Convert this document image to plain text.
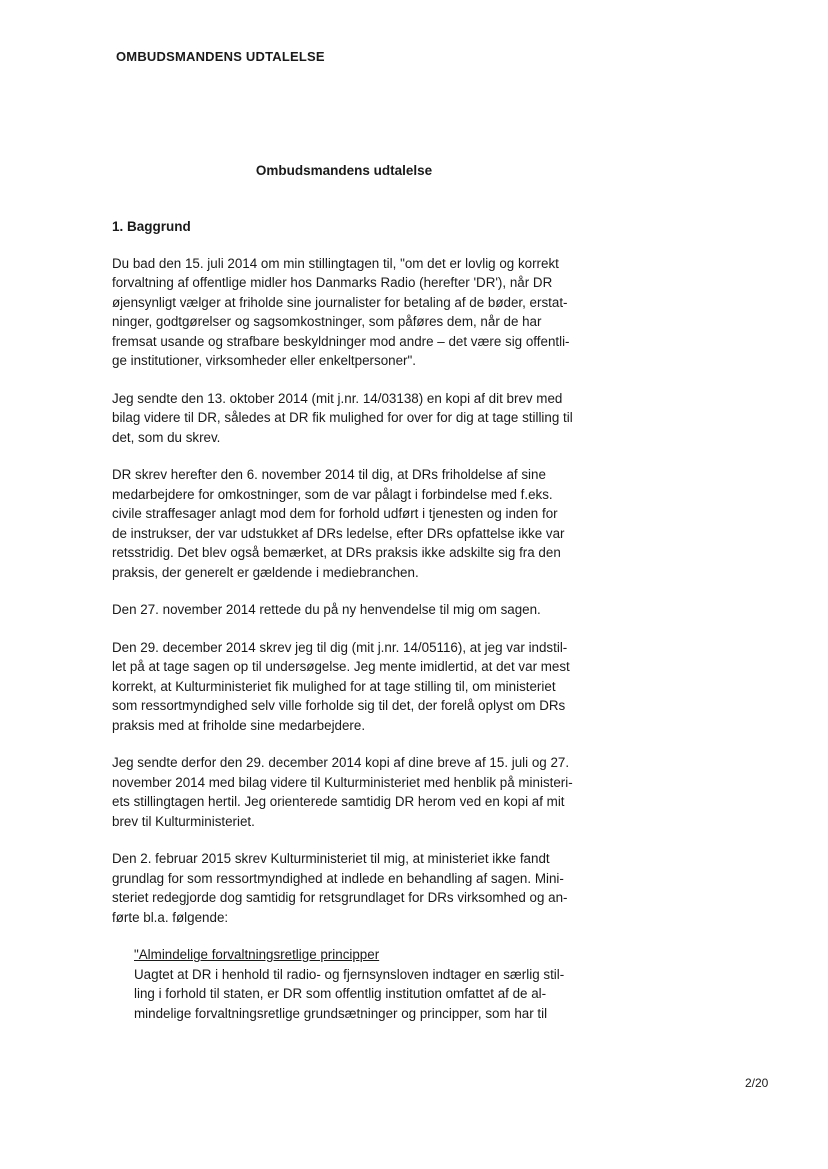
OMBUDSMANDENS UDTALELSE
Ombudsmandens udtalelse
1. Baggrund
Du bad den 15. juli 2014 om min stillingtagen til, "om det er lovlig og korrekt
forvaltning af offentlige midler hos Danmarks Radio (herefter 'DR'), når DR
øjensynligt vælger at friholde sine journalister for betaling af de bøder, erstat-
ninger, godtgørelser og sagsomkostninger, som påføres dem, når de har
fremsat usande og strafbare beskyldninger mod andre – det være sig offentli-
ge institutioner, virksomheder eller enkeltpersoner".
Jeg sendte den 13. oktober 2014 (mit j.nr. 14/03138) en kopi af dit brev med
bilag videre til DR, således at DR fik mulighed for over for dig at tage stilling til
det, som du skrev.
DR skrev herefter den 6. november 2014 til dig, at DRs friholdelse af sine
medarbejdere for omkostninger, som de var pålagt i forbindelse med f.eks.
civile straffesager anlagt mod dem for forhold udført i tjenesten og inden for
de instrukser, der var udstukket af DRs ledelse, efter DRs opfattelse ikke var
retsstridig. Det blev også bemærket, at DRs praksis ikke adskilte sig fra den
praksis, der generelt er gældende i mediebranchen.
Den 27. november 2014 rettede du på ny henvendelse til mig om sagen.
Den 29. december 2014 skrev jeg til dig (mit j.nr. 14/05116), at jeg var indstil-
let på at tage sagen op til undersøgelse. Jeg mente imidlertid, at det var mest
korrekt, at Kulturministeriet fik mulighed for at tage stilling til, om ministeriet
som ressortmyndighed selv ville forholde sig til det, der forelå oplyst om DRs
praksis med at friholde sine medarbejdere.
Jeg sendte derfor den 29. december 2014 kopi af dine breve af 15. juli og 27.
november 2014 med bilag videre til Kulturministeriet med henblik på ministeri-
ets stillingtagen hertil. Jeg orienterede samtidig DR herom ved en kopi af mit
brev til Kulturministeriet.
Den 2. februar 2015 skrev Kulturministeriet til mig, at ministeriet ikke fandt
grundlag for som ressortmyndighed at indlede en behandling af sagen. Mini-
steriet redegjorde dog samtidig for retsgrundlaget for DRs virksomhed og an-
førte bl.a. følgende:
"Almindelige forvaltningsretlige principper
Uagtet at DR i henhold til radio- og fjernsynsloven indtager en særlig stil-
ling i forhold til staten, er DR som offentlig institution omfattet af de al-
mindelige forvaltningsretlige grundsætninger og principper, som har til
2/20
